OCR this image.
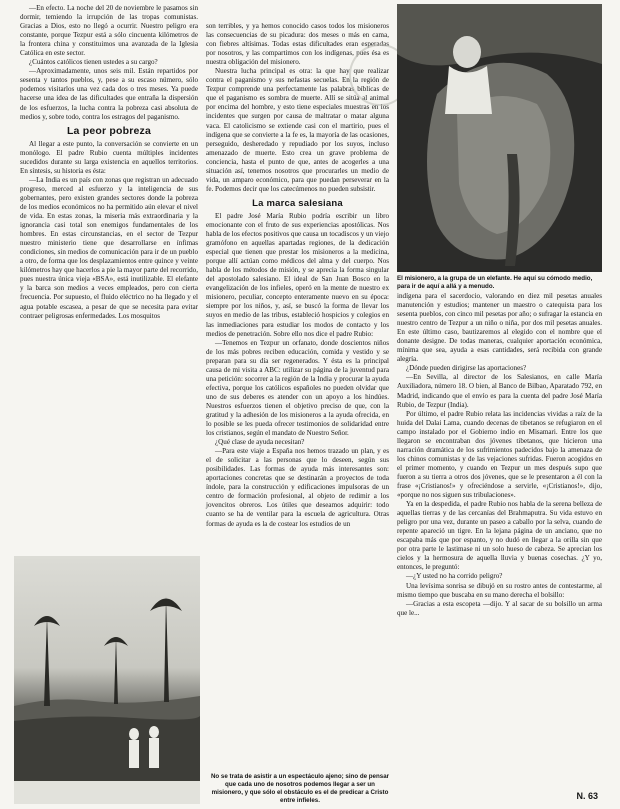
—En efecto. La noche del 20 de noviembre le pasamos sin dormir, temiendo la irrupción de las tropas comunistas. Gracias a Dios, esto no llegó a ocurrir. Nuestro peligro era constante, porque Tezpur está a sólo cincuenta kilómetros de la frontera china y constituimos una avanzada de la Iglesia Católica en este sector.

¿Cuántos católicos tienen ustedes a su cargo?

—Aproximadamente, unos seis mil. Están repartidos por sesenta y tantos pueblos, y, pese a su escaso número, sólo podemos visitarlos una vez cada dos o tres meses. Ya puede hacerse una idea de las dificultades que entraña la dispersión de los esfuerzos, la lucha contra la pobreza casi absoluta de medios y, sobre todo, contra los estragos del paganismo.

La peor pobreza

Al llegar a este punto, la conversación se convierte en un monólogo. El padre Rubio cuenta múltiples incidentes sucedidos durante su larga existencia en aquellos territorios. En síntesis, su historia es ésta:

—La India es un país con zonas que registran un adecuado progreso, merced al esfuerzo y la inteligencia de sus gobernantes, pero existen grandes sectores donde la pobreza de los medios económicos no ha permitido aún elevar el nivel de vida. En estas zonas, la miseria más extraordinaria y la ignorancia casi total son enemigos fundamentales de los hombres. En estas circunstancias, en el sector de Tezpur nuestro ministerio tiene que desarrollarse en ínfimas condiciones, sin medios de comunicación para ir de un pueblo a otro, de forma que los desplazamientos entre quince y veinte kilómetros hay que hacerlos a pie la mayor parte del recorrido, pues nuestra única vieja «BSA», está inutilizable. El elefante y la barca son medios a veces empleados, pero con cierta frecuencia. Por supuesto, el fluido eléctrico no ha llegado y el agua potable escasea, a pesar de que se necesita para evitar contraer peligrosas enfermedades. Los mosquitos

son terribles, y ya hemos conocido casos todos los misioneros las consecuencias de su picadura: dos meses o más en cama, con fiebres altísimas. Todas estas dificultades eran esperadas por nosotros, y las compartimos con los indígenas, pues ésa es nuestra obligación del misionero.

Nuestra lucha principal es otra: la que hay que realizar contra el paganismo y sus nefastas secuelas. En la región de Tezpur comprende una perfectamente las palabras bíblicas de que el paganismo es sombra de muerte. Allí se sitúa al animal por encima del hombre, y esto tiene especiales muestras en los incidentes que surgen por causa de maltratar o matar alguna vaca. El catolicismo se extiende casi con el martirio, pues el indígena que se convierte a la fe es, la mayoría de las ocasiones, perseguido, desheredado y repudiado por los suyos, incluso amenazado de muerte. Esto crea un grave problema de conciencia, hasta el punto de que, antes de acogerles a una situación así, tenemos nosotros que procurarles un medio de vida, un amparo económico, para que puedan perseverar en la fe. Podemos decir que los catecúmenos no pueden subsistir.

La marca salesiana

El padre José María Rubio podría escribir un libro emocionante con el fruto de sus experiencias apostólicas. Nos habla de los efectos positivos que causa un tocadiscos y un viejo gramófono en aquellas apartadas regiones, de la dedicación especial que tienen que prestar los misioneros a la medicina, porque allí actúan como médicos del alma y del cuerpo. Nos habla de los métodos de misión, y se aprecia la forma singular del apostolado salesiano. El ideal de San Juan Bosco en la evangelización de los infieles, operó en la mente de nuestro ex misionero, peculiar, concepto enteramente nuevo en su época: siempre por los niños, y, así, se buscó la forma de llevar los suyos en medio de las tribus, estableció hospicios y colegios en las inmediaciones para estudiar los modos de contacto y los medios de penetración. Sobre ello nos dice el padre Rubio:

—Tenemos en Tezpur un orfanato, donde doscientos niños de los más pobres reciben educación, comida y vestido y se preparan para su día ser regenerados. Y ésta es la principal causa de mi visita a ABC: utilizar su página de la juventud para una petición: socorrer a la región de la India y procurar la ayuda efectiva, porque los católicos españoles no pueden olvidar que uno de sus deberes es atender con un apoyo a los hindúes. Nuestros esfuerzos tienen el objetivo preciso de que, con la gratitud y la adhesión de los misioneros a la ayuda ofrecida, en lo posible se les pueda ofrecer testimonios de solidaridad entre los cristianos, según el mandato de Nuestro Señor.

¿Qué clase de ayuda necesitan?

—Para este viaje a España nos hemos trazado un plan, y es el de solicitar a las personas que lo deseen, según sus posibilidades. Las formas de ayuda más interesantes son: aportaciones concretas que se destinarán a proyectos de toda índole, para la construcción y edificaciones impulsoras de un centro de formación profesional, al objeto de redimir a los jovencitos obreros. Los útiles que deseamos adquirir: todo cuanto se ha de ventilar para la escuela de agricultura. Otras formas de ayuda es la de costear los estudios de un

indígena para el sacerdocio, valorando en diez mil pesetas anuales manutención y estudios; mantener un maestro o catequista para los sesenta pueblos, con cinco mil pesetas por año; o sufragar la estancia en nuestro centro de Tezpur a un niño o niña, por dos mil pesetas anuales. En este último caso, bautizaremos al elegido con el nombre que el donante designe. De todas maneras, cualquier aportación económica, mínima que sea, ayuda a esas cantidades, será recibida con grande alegría.

¿Dónde pueden dirigirse las aportaciones?

—En Sevilla, al director de los Salesianos, en calle María Auxiliadora, número 18. O bien, al Banco de Bilbao, Aparatado 792, en Madrid, indicando que el envío es para la cuenta del padre José María Rubio, de Tezpur (India).

Por último, el padre Rubio relata las incidencias vividas a raíz de la huida del Dalai Lama, cuando decenas de tibetanos se refugiaron en el campo instalado por el Gobierno indio en Misamari. Entre los que llegaron se encontraban dos jóvenes tibetanos, que hicieron una narración dramática de los sufrimientos padecidos bajo la amenaza de los chinos comunistas y de las vejaciones sufridas. Fueron acogidos en el primer momento, y cuando en Tezpur un mes después supo que fueron a su tierra a otros dos jóvenes, que se le presentaron a él con la frase «¡Cristianos!» y ofreciéndose a servirle, «¡Cristianos!», dijo, «porque no nos siguen sus tribulaciones».

Ya en la despedida, el padre Rubio nos habla de la serena belleza de aquellas tierras y de las cercanías del Brahmaputra. Su vida estuvo en peligro por una vez, durante un paseo a caballo por la selva, cuando de repente apareció un tigre. En la lejana página de un anciano, que no escapaba más que por espanto, y no dudó en llegar a la orilla sin que por otra parte le lastimase ni un solo hueso de cabeza. Se aprecian los cielos y la hermosura de aquella lluvia y buenas cosechas. ¿Y yo, entonces, le preguntó:

—¿Y usted no ha corrido peligro?

Una levísima sonrisa se dibujó en su rostro antes de contestarme, al mismo tiempo que buscaba en su mano derecha el bolsillo:

—Gracias a esta escopeta —dijo. Y al sacar de su bolsillo un arma que le...

El misionero, a la grupa de un elefante. He aquí su cómodo medio, para ir de aquí a allá y a menudo.
No se trata de asistir a un espectáculo ajeno; sino de pensar que cada uno de nosotros podemos llegar a ser un misionero, y que sólo el obstáculo es el de predicar a Cristo entre infieles.	N. 63
